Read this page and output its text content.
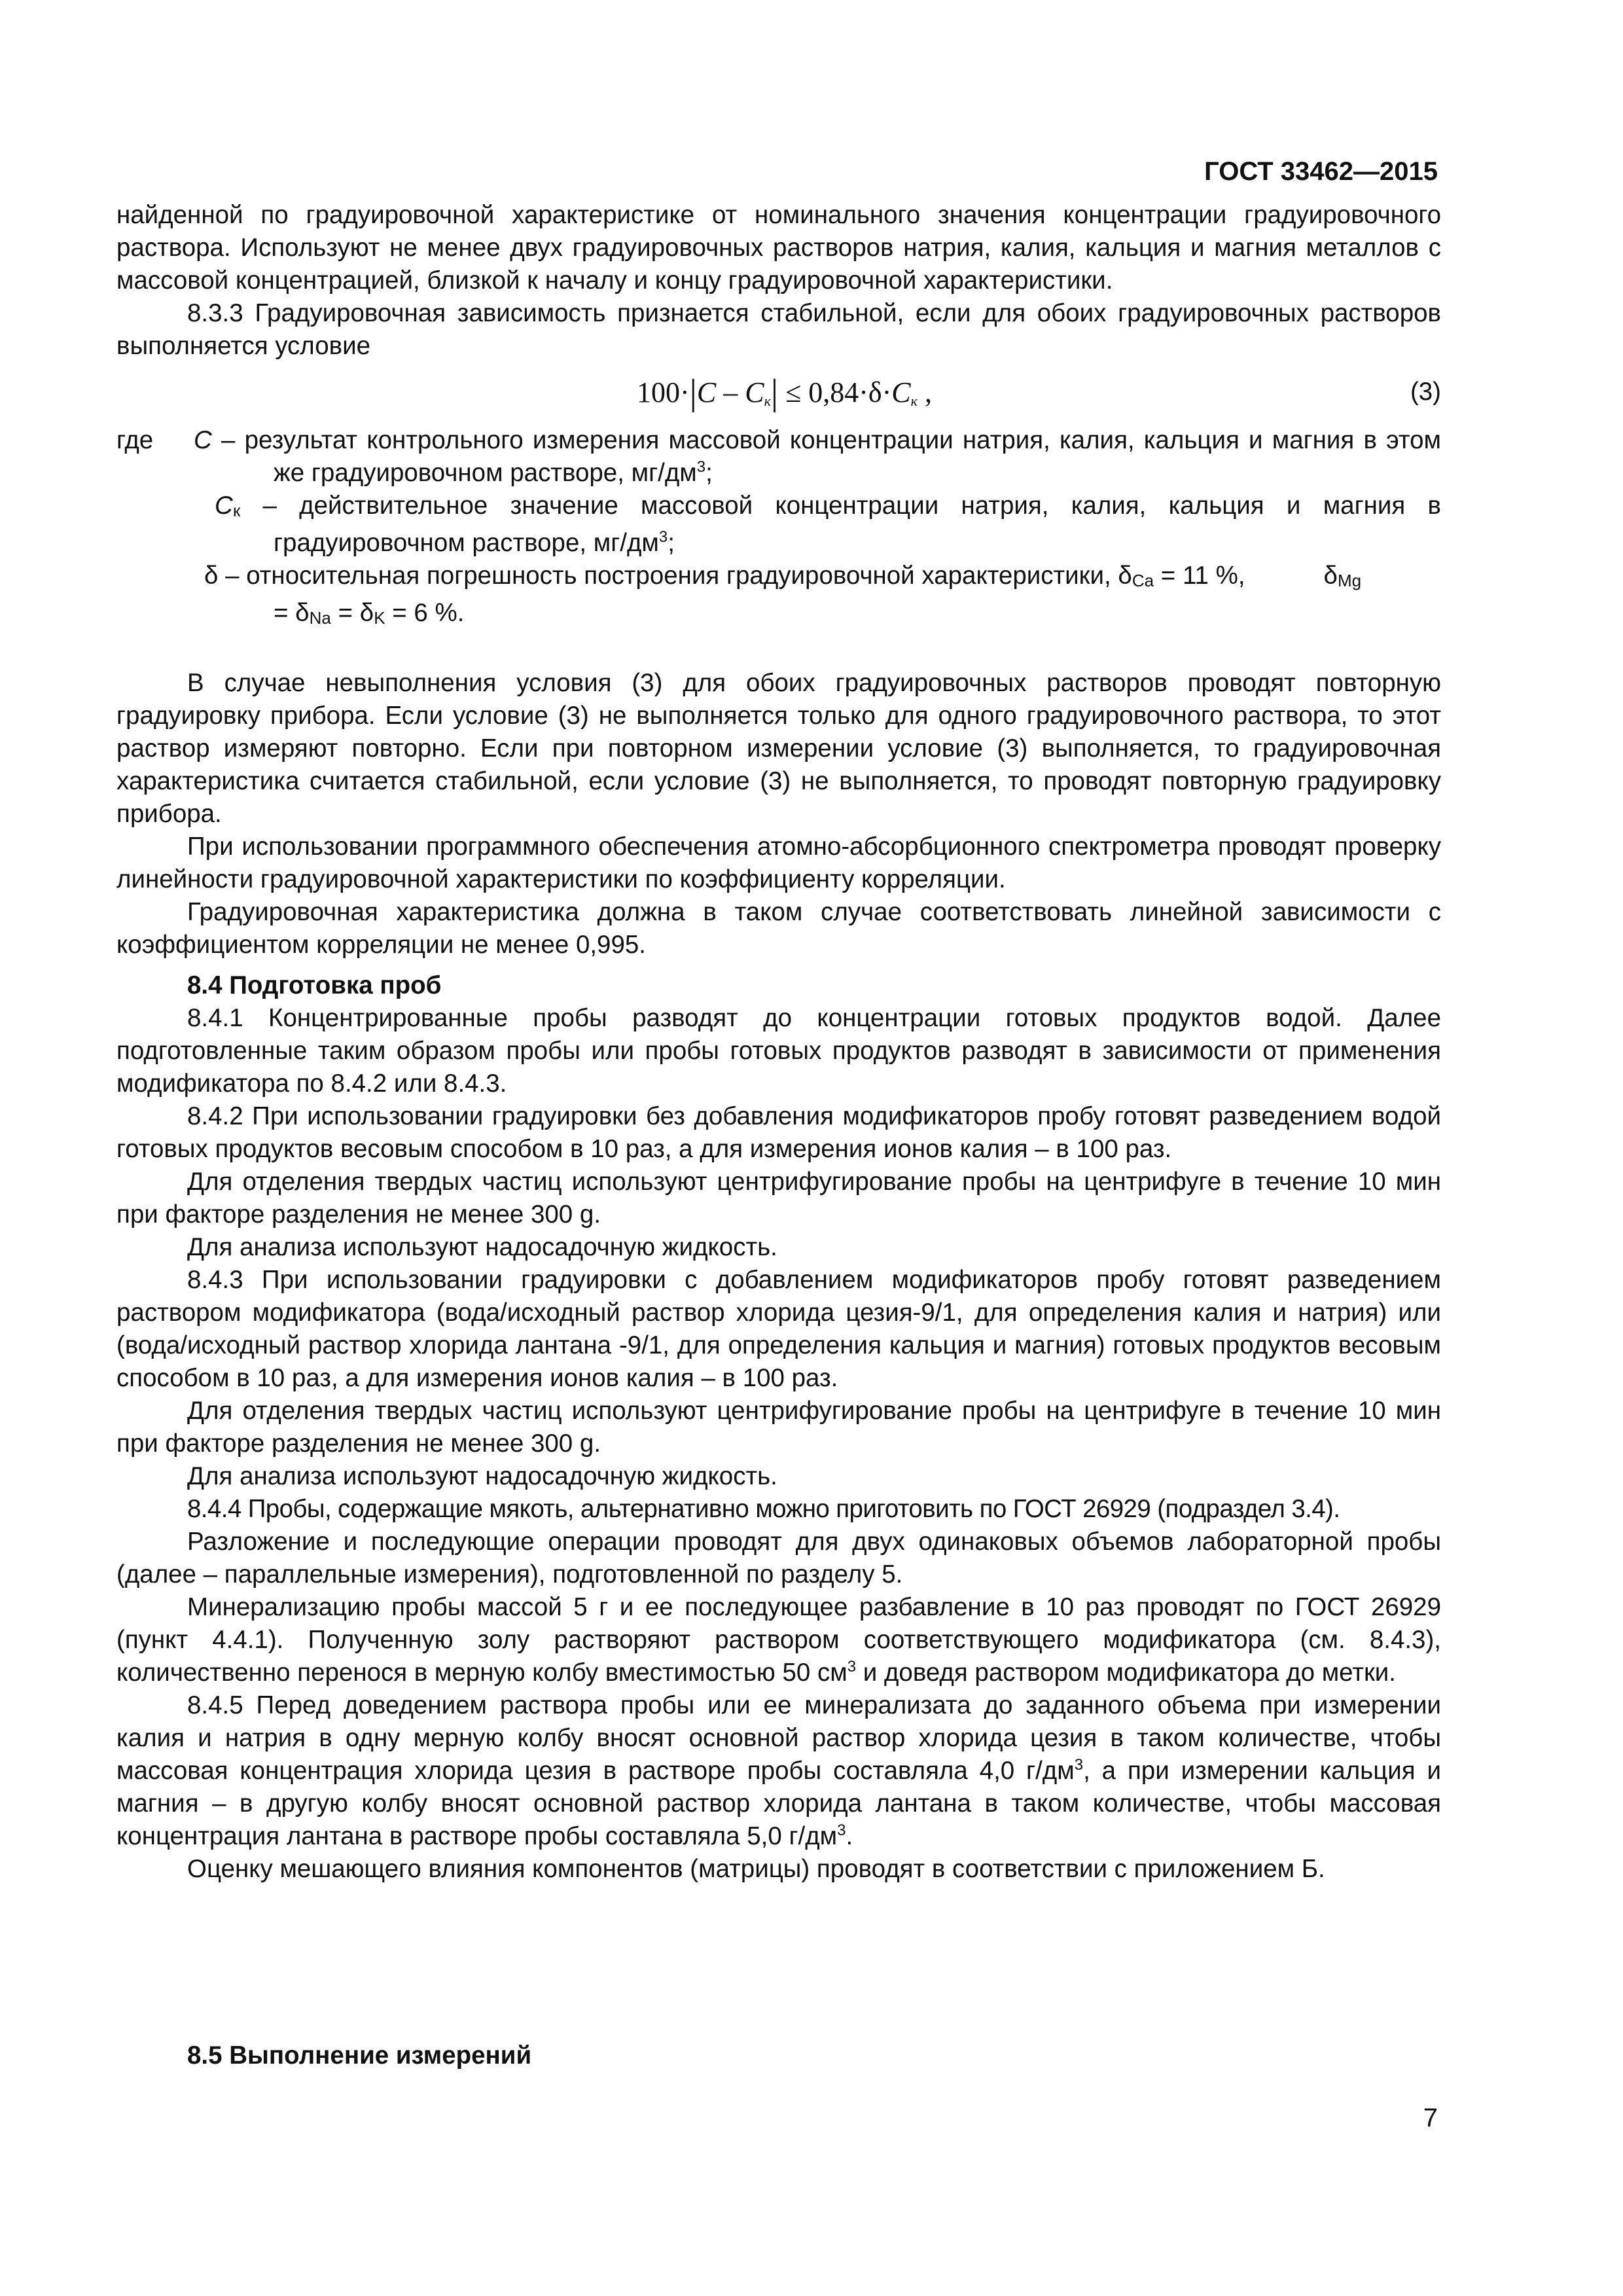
ГОСТ 33462—2015

найденной по градуировочной характеристике от номинального значения концентрации градуировочного раствора. Используют не менее двух градуировочных растворов натрия, калия, кальция и магния металлов с массовой концентрацией, близкой к началу и концу градуировочной характеристики.

8.3.3 Градуировочная зависимость признается стабильной, если для обоих градуировочных растворов выполняется условие

$100\cdot|C - C_к| \le 0,84\cdot\delta\cdot C_к$ ,	(3)
где	С – результат контрольного измерения массовой концентрации натрия, калия, кальция и магния в этом же градуировочном растворе, $мг/дм^3$;

Ск – действительное значение массовой концентрации натрия, калия, кальция и магния в градуировочном растворе, $мг/дм^3$;

δ – относительная погрешность построения градуировочной характеристики, δCa = 11 %,	δMg
= δNa = δK = 6 %.

В случае невыполнения условия (3) для обоих градуировочных растворов проводят повторную градуировку прибора. Если условие (3) не выполняется только для одного градуировочного раствора, то этот раствор измеряют повторно. Если при повторном измерении условие (3) выполняется, то градуировочная характеристика считается стабильной, если условие (3) не выполняется, то проводят повторную градуировку прибора.

При использовании программного обеспечения атомно-абсорбционного спектрометра проводят проверку линейности градуировочной характеристики по коэффициенту корреляции.

Градуировочная характеристика должна в таком случае соответствовать линейной зависимости с коэффициентом корреляции не менее 0,995.

8.4 Подготовка проб

8.4.1 Концентрированные пробы разводят до концентрации готовых продуктов водой. Далее подготовленные таким образом пробы или пробы готовых продуктов разводят в зависимости от применения модификатора по 8.4.2 или 8.4.3.

8.4.2 При использовании градуировки без добавления модификаторов пробу готовят разведением водой готовых продуктов весовым способом в 10 раз, а для измерения ионов калия – в 100 раз.

Для отделения твердых частиц используют центрифугирование пробы на центрифуге в течение 10 мин при факторе разделения не менее 300 g.

Для анализа используют надосадочную жидкость.

8.4.3 При использовании градуировки с добавлением модификаторов пробу готовят разведением раствором модификатора (вода/исходный раствор хлорида цезия-9/1, для определения калия и натрия) или (вода/исходный раствор хлорида лантана -9/1, для определения кальция и магния) готовых продуктов весовым способом в 10 раз, а для измерения ионов калия – в 100 раз.

Для отделения твердых частиц используют центрифугирование пробы на центрифуге в течение 10 мин при факторе разделения не менее 300 g.

Для анализа используют надосадочную жидкость.

8.4.4 Пробы, содержащие мякоть, альтернативно можно приготовить по ГОСТ 26929 (подраздел 3.4).

Разложение и последующие операции проводят для двух одинаковых объемов лабораторной пробы (далее – параллельные измерения), подготовленной по разделу 5.

Минерализацию пробы массой 5 г и ее последующее разбавление в 10 раз проводят по ГОСТ 26929 (пункт 4.4.1). Полученную золу растворяют раствором соответствующего модификатора (см. 8.4.3), количественно перенося в мерную колбу вместимостью 50 $см^3$ и доведя раствором модификатора до метки.

8.4.5 Перед доведением раствора пробы или ее минерализата до заданного объема при измерении калия и натрия в одну мерную колбу вносят основной раствор хлорида цезия в таком количестве, чтобы массовая концентрация хлорида цезия в растворе пробы составляла 4,0 $г/дм^3$, а при измерении кальция и магния – в другую колбу вносят основной раствор хлорида лантана в таком количестве, чтобы массовая концентрация лантана в растворе пробы составляла 5,0 $г/дм^3$.

Оценку мешающего влияния компонентов (матрицы) проводят в соответствии с приложением Б.

8.5 Выполнение измерений
7
